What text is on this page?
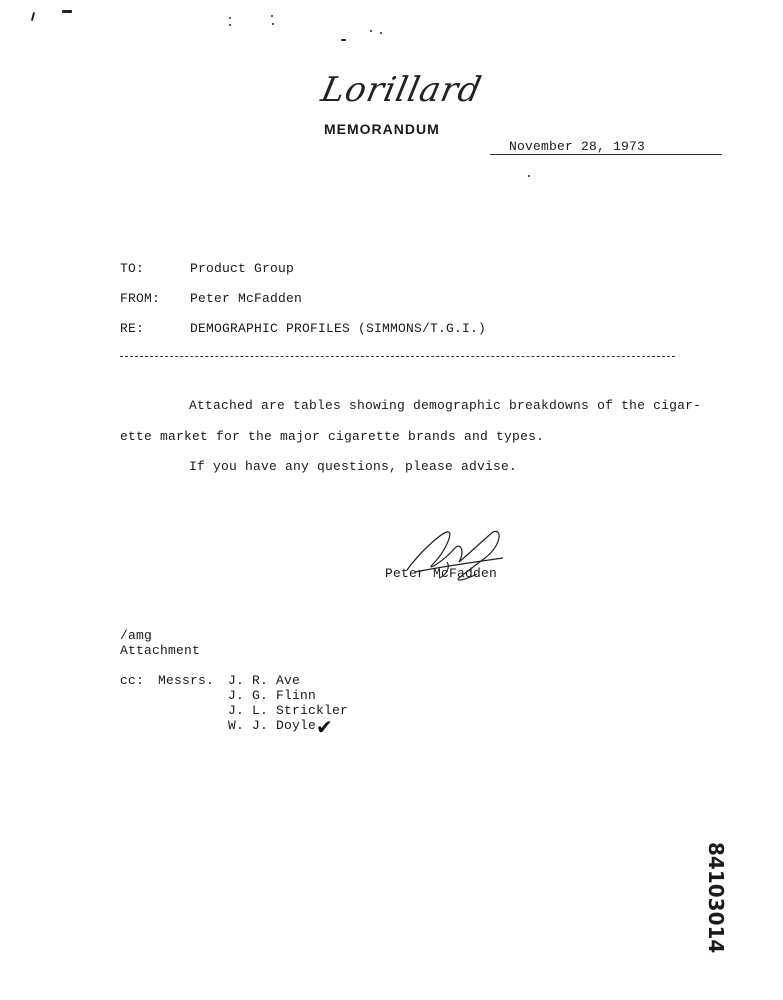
Lorillard
MEMORANDUM
November 28, 1973
TO:	Product Group
FROM: Peter McFadden
RE:	DEMOGRAPHIC PROFILES (SIMMONS/T.G.I.)
Attached are tables showing demographic breakdowns of the cigar-
ette market for the major cigarette brands and types.
If you have any questions, please advise.
Peter McFadden
/amg
Attachment
cc: Messrs. J. R. Ave
J. G. Flinn
J. L. Strickler
W. J. Doyle ✔
84103014
